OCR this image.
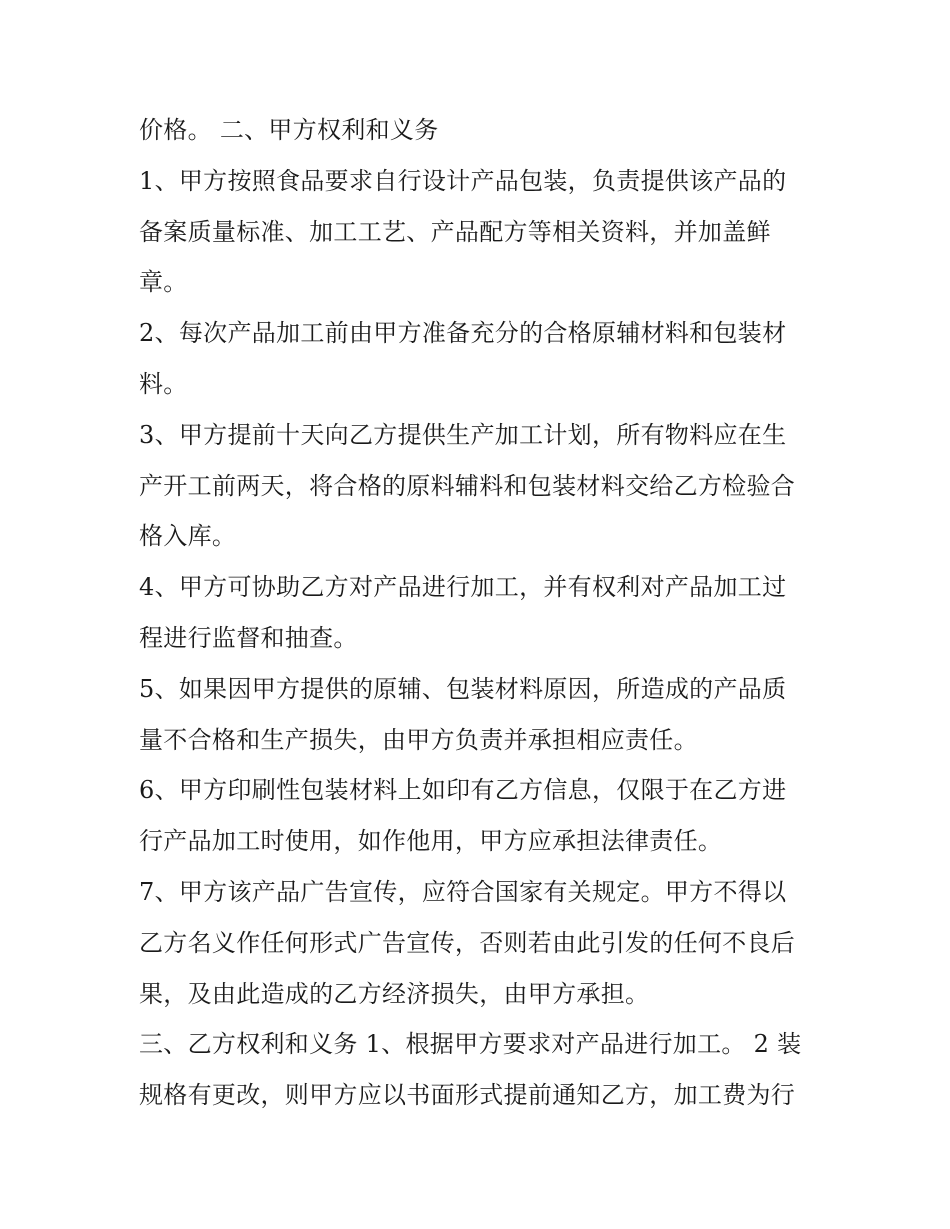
价格。 二、甲方权利和义务
1、甲方按照食品要求自行设计产品包装，负责提供该产品的
备案质量标准、加工工艺、产品配方等相关资料，并加盖鲜
章。
2、每次产品加工前由甲方准备充分的合格原辅材料和包装材
料。
3、甲方提前十天向乙方提供生产加工计划，所有物料应在生
产开工前两天，将合格的原料辅料和包装材料交给乙方检验合
格入库。
4、甲方可协助乙方对产品进行加工，并有权利对产品加工过
程进行监督和抽查。
5、如果因甲方提供的原辅、包装材料原因，所造成的产品质
量不合格和生产损失，由甲方负责并承担相应责任。
6、甲方印刷性包装材料上如印有乙方信息，仅限于在乙方进
行产品加工时使用，如作他用，甲方应承担法律责任。
7、甲方该产品广告宣传，应符合国家有关规定。甲方不得以
乙方名义作任何形式广告宣传，否则若由此引发的任何不良后
果，及由此造成的乙方经济损失，由甲方承担。
三、乙方权利和义务 1、根据甲方要求对产品进行加工。 2 装
规格有更改，则甲方应以书面形式提前通知乙方，加工费为行
